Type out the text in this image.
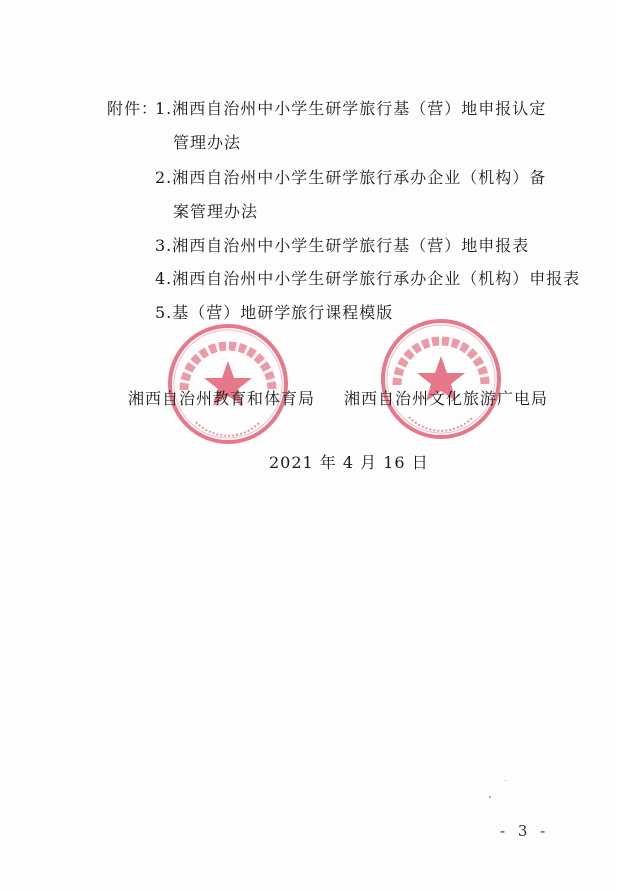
附件：
1.湘西自治州中小学生研学旅行基（营）地申报认定
管理办法
2.湘西自治州中小学生研学旅行承办企业（机构）备
案管理办法
3.湘西自治州中小学生研学旅行基（营）地申报表
4.湘西自治州中小学生研学旅行承办企业（机构）申报表
5.基（营）地研学旅行课程模版
湘西自治州教育和体育局 湘西自治州文化旅游广电局
2021 年 4 月 16 日
- 3 -
